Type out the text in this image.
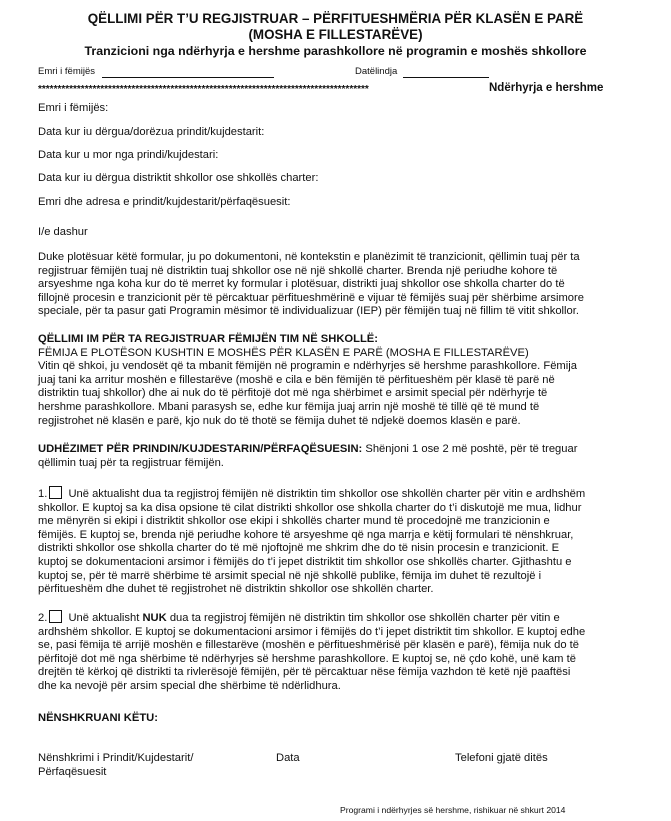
QËLLIMI PËR T’U REGJISTRUAR – PËRFITUESHMËRIA PËR KLASËN E PARË
(MOSHA E FILLESTARËVE)
Tranzicioni nga ndërhyrja e hershme parashkollore në programin e moshës shkollore
Emri i fëmijës	Datëlindja
*************************************************************************************	Ndërhyrja e hershme
Emri i fëmijës:
Data kur iu dërgua/dorëzua prindit/kujdestarit:
Data kur u mor nga prindi/kujdestari:
Data kur iu dërgua distriktit shkollor ose shkollës charter:
Emri dhe adresa e prindit/kujdestarit/përfaqësuesit:
I/e dashur
Duke plotësuar këtë formular, ju po dokumentoni, në kontekstin e planëzimit të tranzicionit, qëllimin tuaj për ta
regjistruar fëmijën tuaj në distriktin tuaj shkollor ose në një shkollë charter. Brenda një periudhe kohore të
arsyeshme nga koha kur do të merret ky formular i plotësuar, distrikti juaj shkollor ose shkolla charter do të
fillojnë procesin e tranzicionit për të përcaktuar përfitueshmërinë e vijuar të fëmijës suaj për shërbime arsimore
speciale, për ta pasur gati Programin mësimor të individualizuar (IEP) për fëmijën tuaj në fillim të vitit shkollor.
QËLLIMI IM PËR TA REGJISTRUAR FËMIJËN TIM NË SHKOLLË:
FËMIJA E PLOTËSON KUSHTIN E MOSHËS PËR KLASËN E PARË (MOSHA E FILLESTARËVE)
Vitin që shkoi, ju vendosët që ta mbanit fëmijën në programin e ndërhyrjes së hershme parashkollore. Fëmija
juaj tani ka arritur moshën e fillestarëve (moshë e cila e bën fëmijën të përfitueshëm për klasë të parë në
distriktin tuaj shkollor) dhe ai nuk do të përfitojë dot më nga shërbimet e arsimit special për ndërhyrje të
hershme parashkollore. Mbani parasysh se, edhe kur fëmija juaj arrin një moshë të tillë që të mund të
regjistrohet në klasën e parë, kjo nuk do të thotë se fëmija duhet të ndjekë doemos klasën e parë.
UDHËZIMET PËR PRINDIN/KUJDESTARIN/PËRFAQËSUESIN: Shënjoni 1 ose 2 më poshtë, për të treguar
qëllimin tuaj për ta regjistruar fëmijën.
1. Unë aktualisht dua ta regjistroj fëmijën në distriktin tim shkollor ose shkollën charter për vitin e ardhshëm
shkollor. E kuptoj sa ka disa opsione të cilat distrikti shkollor ose shkolla charter do t’i diskutojë me mua, lidhur
me mënyrën si ekipi i distriktit shkollor ose ekipi i shkollës charter mund të procedojnë me tranzicionin e
fëmijës. E kuptoj se, brenda një periudhe kohore të arsyeshme që nga marrja e këtij formulari të nënshkruar,
distrikti shkollor ose shkolla charter do të më njoftojnë me shkrim dhe do të nisin procesin e tranzicionit. E
kuptoj se dokumentacioni arsimor i fëmijës do t’i jepet distriktit tim shkollor ose shkollës charter. Gjithashtu e
kuptoj se, për të marrë shërbime të arsimit special në një shkollë publike, fëmija im duhet të rezultojë i
përfitueshëm dhe duhet të regjistrohet në distriktin shkollor ose shkollën charter.
2. Unë aktualisht NUK dua ta regjistroj fëmijën në distriktin tim shkollor ose shkollën charter për vitin e
ardhshëm shkollor. E kuptoj se dokumentacioni arsimor i fëmijës do t’i jepet distriktit tim shkollor. E kuptoj edhe
se, pasi fëmija të arrijë moshën e fillestarëve (moshën e përfitueshmërisë për klasën e parë), fëmija nuk do të
përfitojë dot më nga shërbime të ndërhyrjes së hershme parashkollore. E kuptoj se, në çdo kohë, unë kam të
drejtën të kërkoj që distrikti ta rivlerësojë fëmijën, për të përcaktuar nëse fëmija vazhdon të ketë një paaftësi
dhe ka nevojë për arsim special dhe shërbime të ndërlidhura.
NËNSHKRUANI KËTU:
Nënshkrimi i Prindit/Kujdestarit/
Përfaqësuesit
Data	Telefoni gjatë ditës
Programi i ndërhyrjes së hershme, rishikuar në shkurt 2014
